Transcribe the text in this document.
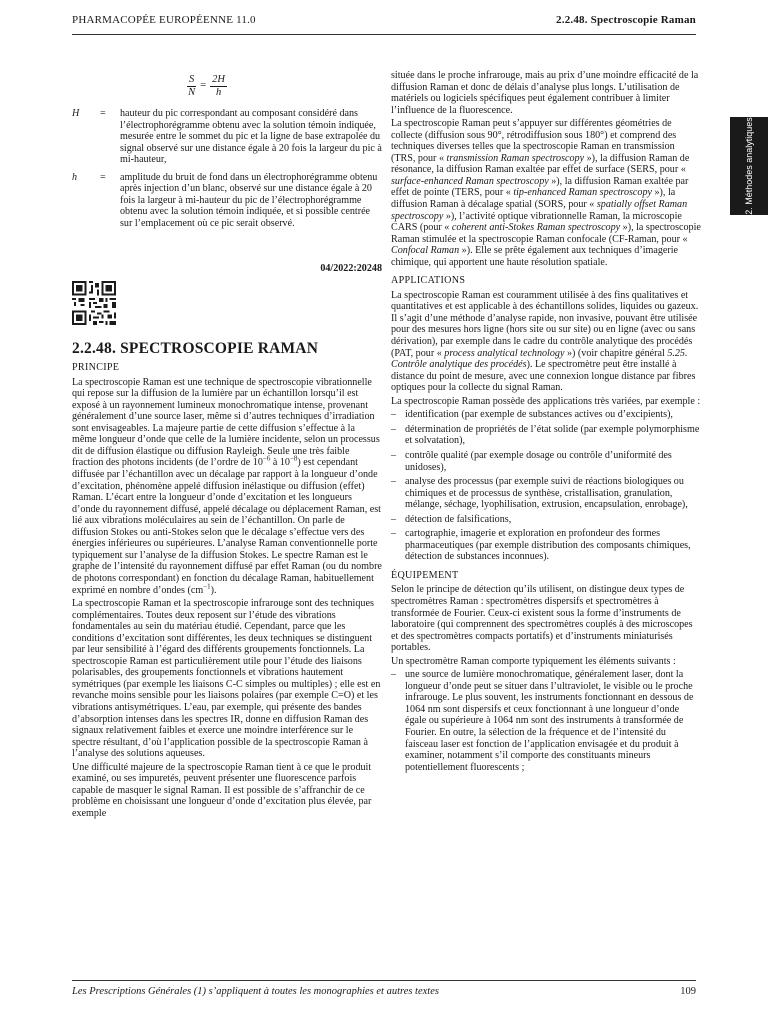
PHARMACOPÉE EUROPÉENNE 11.0	2.2.48. Spectroscopie Raman
2. Méthodes analytiques
$\frac{S}{N} = \frac{2H}{h}$
H	=	hauteur du pic correspondant au composant considéré dans l’électrophorégramme obtenu avec la solution témoin indiquée, mesurée entre le sommet du pic et la ligne de base extrapolée du signal observé sur une distance égale à 20 fois la largeur du pic à mi-hauteur,
h	=	amplitude du bruit de fond dans un électrophorégramme obtenu après injection d’un blanc, observé sur une distance égale à 20 fois la largeur à mi-hauteur du pic de l’électrophorégramme obtenu avec la solution témoin indiquée, et si possible centrée sur l’emplacement où ce pic serait observé.
04/2022:20248
2.2.48. SPECTROSCOPIE RAMAN
PRINCIPE

La spectroscopie Raman est une technique de spectroscopie vibrationnelle qui repose sur la diffusion de la lumière par un échantillon lorsqu’il est exposé à un rayonnement lumineux monochromatique intense, provenant généralement d’une source laser, même si d’autres techniques d’irradiation sont envisageables. La majeure partie de cette diffusion s’effectue à la même longueur d’onde que celle de la lumière incidente, selon un processus dit de diffusion élastique ou diffusion Rayleigh. Seule une très faible fraction des photons incidents (de l’ordre de $10^{-6}$ à $10^{-8}$) est cependant diffusée par l’échantillon avec un décalage par rapport à la longueur d’onde d’excitation, phénomène appelé diffusion inélastique ou diffusion (effet) Raman. L’écart entre la longueur d’onde d’excitation et les longueurs d’onde du rayonnement diffusé, appelé décalage ou déplacement Raman, est lié aux vibrations moléculaires au sein de l’échantillon. On parle de diffusion Stokes ou anti-Stokes selon que le décalage s’effectue vers des énergies inférieures ou supérieures. L’analyse Raman conventionnelle porte typiquement sur l’analyse de la diffusion Stokes. Le spectre Raman est le graphe de l’intensité du rayonnement diffusé par effet Raman (ou du nombre de photons correspondant) en fonction du décalage Raman, habituellement exprimé en nombre d’ondes $(cm^{-1})$.

La spectroscopie Raman et la spectroscopie infrarouge sont des techniques complémentaires. Toutes deux reposent sur l’étude des vibrations fondamentales au sein du matériau étudié. Cependant, parce que les conditions d’excitation sont différentes, les deux techniques se distinguent par leur sensibilité à l’égard des différents groupements fonctionnels. La spectroscopie Raman est particulièrement utile pour l’étude des liaisons polarisables, des groupements fonctionnels et vibrations hautement symétriques (par exemple les liaisons C-C simples ou multiples) ; elle est en revanche moins sensible pour les liaisons polaires (par exemple C=O) et les vibrations antisymétriques. L’eau, par exemple, qui présente des bandes d’absorption intenses dans les spectres IR, donne en diffusion Raman des signaux relativement faibles et exerce une moindre interférence sur le spectre résultant, d’où l’application possible de la spectroscopie Raman à l’analyse des solutions aqueuses.

Une difficulté majeure de la spectroscopie Raman tient à ce que le produit examiné, ou ses impuretés, peuvent présenter une fluorescence parfois capable de masquer le signal Raman. Il est possible de s’affranchir de ce problème en choisissant une longueur d’onde d’excitation plus élevée, par exemple

située dans le proche infrarouge, mais au prix d’une moindre efficacité de la diffusion Raman et donc de délais d’analyse plus longs. L’utilisation de matériels ou logiciels spécifiques peut également contribuer à limiter l’influence de la fluorescence.

La spectroscopie Raman peut s’appuyer sur différentes géométries de collecte (diffusion sous 90°, rétrodiffusion sous 180°) et comprend des techniques diverses telles que la spectroscopie Raman en transmission (TRS, pour « transmission Raman spectroscopy »), la diffusion Raman de résonance, la diffusion Raman exaltée par effet de surface (SERS, pour « surface-enhanced Raman spectroscopy »), la diffusion Raman exaltée par effet de pointe (TERS, pour « tip-enhanced Raman spectroscopy »), la diffusion Raman à décalage spatial (SORS, pour « spatially offset Raman spectroscopy »), l’activité optique vibrationnelle Raman, la microscopie CARS (pour « coherent anti-Stokes Raman spectroscopy »), la spectroscopie Raman stimulée et la spectroscopie Raman confocale (CF-Raman, pour « Confocal Raman »). Elle se prête également aux techniques d’imagerie chimique, qui apportent une haute résolution spatiale.

APPLICATIONS

La spectroscopie Raman est couramment utilisée à des fins qualitatives et quantitatives et est applicable à des échantillons solides, liquides ou gazeux. Il s’agit d’une méthode d’analyse rapide, non invasive, pouvant être utilisée pour des mesures hors ligne (hors site ou sur site) ou en ligne (avec ou sans dérivation), par exemple dans le cadre du contrôle analytique des procédés (PAT, pour « process analytical technology ») (voir chapitre général 5.25. Contrôle analytique des procédés). Le spectromètre peut être installé à distance du point de mesure, avec une connexion longue distance par fibres optiques pour la collecte du signal Raman.

La spectroscopie Raman possède des applications très variées, par exemple :

– identification (par exemple de substances actives ou d’excipients),
– détermination de propriétés de l’état solide (par exemple polymorphisme et solvatation),
– contrôle qualité (par exemple dosage ou contrôle d’uniformité des unidoses),
– analyse des processus (par exemple suivi de réactions biologiques ou chimiques et de processus de synthèse, cristallisation, granulation, mélange, séchage, lyophilisation, extrusion, encapsulation, enrobage),
– détection de falsifications,
– cartographie, imagerie et exploration en profondeur des formes pharmaceutiques (par exemple distribution des composants chimiques, détection de substances inconnues).
ÉQUIPEMENT

Selon le principe de détection qu’ils utilisent, on distingue deux types de spectromètres Raman : spectromètres dispersifs et spectromètres à transformée de Fourier. Ceux-ci existent sous la forme d’instruments de laboratoire (qui comprennent des spectromètres couplés à des microscopes et des spectromètres compacts portatifs) et d’instruments miniaturisés portables.

Un spectromètre Raman comporte typiquement les éléments suivants :

– une source de lumière monochromatique, généralement laser, dont la longueur d’onde peut se situer dans l’ultraviolet, le visible ou le proche infrarouge. Le plus souvent, les instruments fonctionnant en dessous de 1064 nm sont dispersifs et ceux fonctionnant à une longueur d’onde égale ou supérieure à 1064 nm sont des instruments à transformée de Fourier. En outre, la sélection de la fréquence et de l’intensité du faisceau laser est fonction de l’application envisagée et du produit à examiner, notamment s’il comporte des constituants mineurs potentiellement fluorescents ;
Les Prescriptions Générales (1) s’appliquent à toutes les monographies et autres textes	109
